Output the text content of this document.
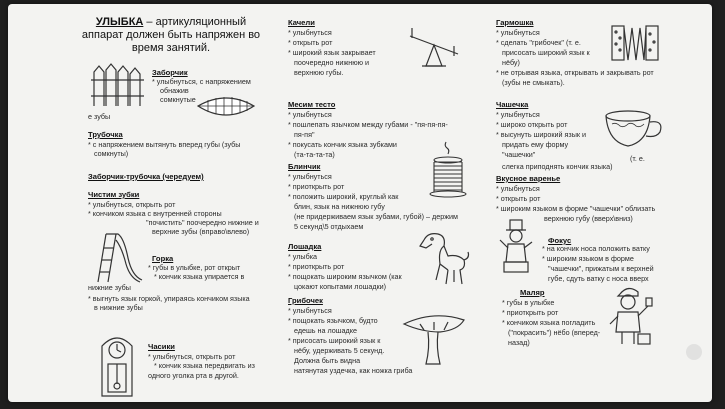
УЛЫБКА – артикуляционный
аппарат должен быть напряжен во
время занятий.
Заборчик
* улыбнуться, с напряжением
обнажив
сомкнутые
е зубы
Трубочка
* с напряжением вытянуть вперед губы (зубы
сомкнуты)
Заборчик-трубочка (чередуем)
Чистим зубки
* улыбнуться, открыть рот
* кончиком языка с внутренней стороны
"почистить" поочередно нижние и
верхние зубы (вправо\влево)
Горка
* губы в улыбке, рот открыт
* кончик языка упирается в
нижние зубы
* выгнуть язык горкой, упираясь кончиком языка
в нижние зубы
Часики
* улыбнуться, открыть рот
* кончик языка передвигать из
одного уголка рта в другой.
Качели
* улыбнуться
* открыть рот
* широкий язык закрывает
поочередно нижнюю и
верхнюю губы.
Месим тесто
* улыбнуться
* пошлепать язычком между губами - "пя-пя-пя-
пя-пя"
* покусать кончик языка зубками
(та-та-та-та)
Блинчик
* улыбнуться
* приоткрыть рот
* положить широкий, круглый как
блин, язык на нижнюю губу
(не придерживаем язык зубами, губой) – держим
5 секунд\5 отдыхаем
Лошадка
* улыбка
* приоткрыть рот
* пощокать широким язычком (как
цокают копытами лошадки)
Грибочек
* улыбнуться
* пощокать язычком, будто
едешь на лошадке
* присосать широкий язык к
нёбу, удерживать 5 секунд.
Должна быть видна
натянутая уздечка, как ножка гриба
Гармошка
* улыбнуться
* сделать "грибочек" (т. е.
присосать широкий язык к
нёбу)
* не отрывая языка, открывать и закрывать рот
(зубы не смыкать).
Чашечка
* улыбнуться
* широко открыть рот
* высунуть широкий язык и
придать ему форму
"чашечки"	(т. е.
слегка приподнять кончик языка)
Вкусное варенье
* улыбнуться
* открыть рот
* широким языком в форме "чашечки" облизать
верхнюю губу (вверх\вниз)
Фокус
* на кончик носа положить ватку
* широким языком в форме
"чашечки", прижатым к верхней
губе, сдуть ватку с носа вверх
Маляр
* губы в улыбке
* приоткрыть рот
* кончиком языка погладить
("покрасить") нёбо (вперед-
назад)
